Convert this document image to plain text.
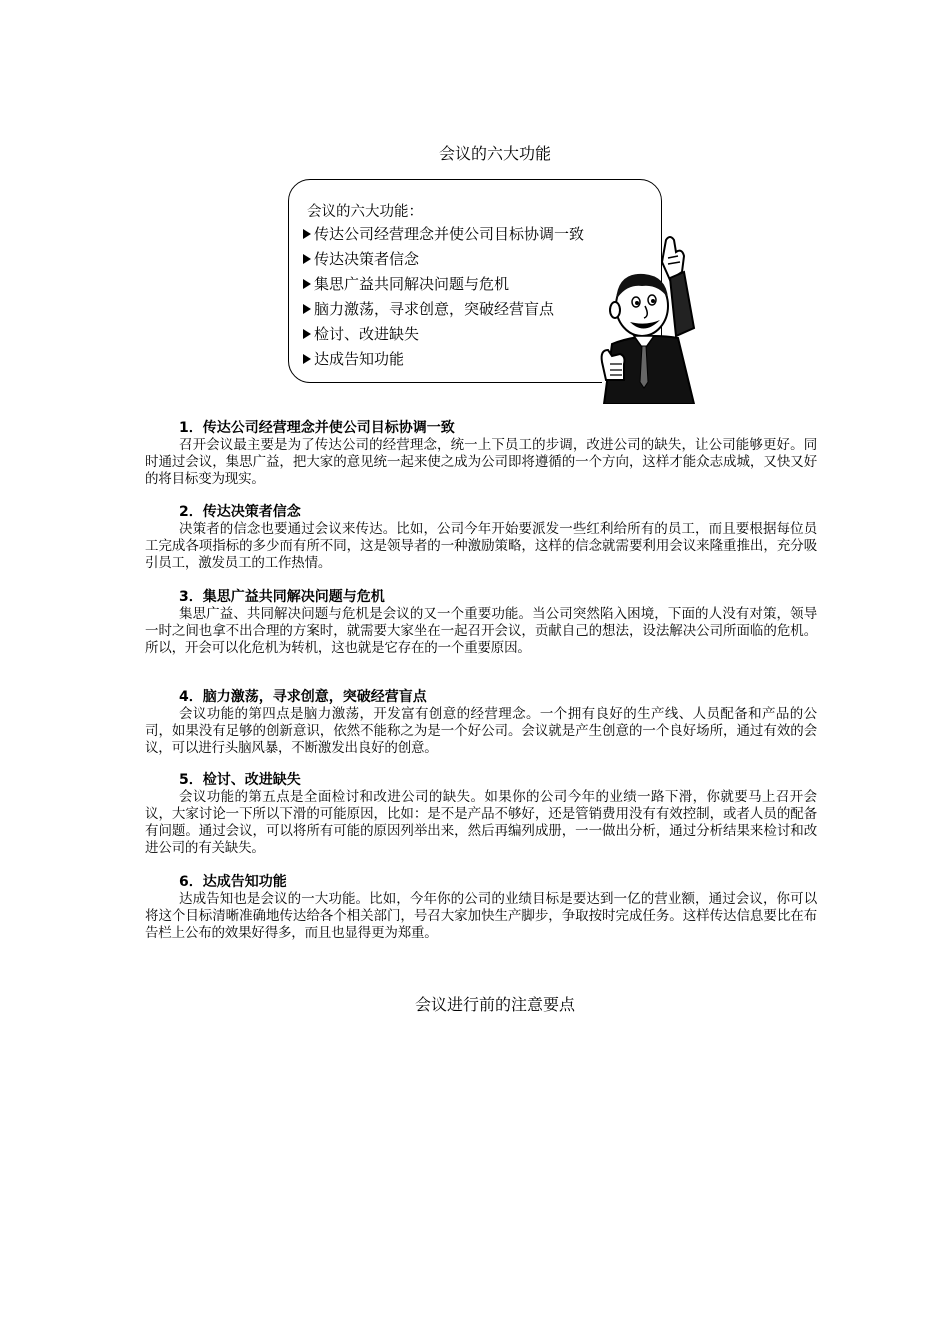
会议的六大功能
会议的六大功能：
传达公司经营理念并使公司目标协调一致
传达决策者信念
集思广益共同解决问题与危机
脑力激荡，寻求创意，突破经营盲点
检讨、改进缺失
达成告知功能
1．传达公司经营理念并使公司目标协调一致

召开会议最主要是为了传达公司的经营理念，统一上下员工的步调，改进公司的缺失，让公司能够更好。同时通过会议，集思广益，把大家的意见统一起来使之成为公司即将遵循的一个方向，这样才能众志成城，又快又好的将目标变为现实。

2．传达决策者信念

决策者的信念也要通过会议来传达。比如，公司今年开始要派发一些红利给所有的员工，而且要根据每位员工完成各项指标的多少而有所不同，这是领导者的一种激励策略，这样的信念就需要利用会议来隆重推出，充分吸引员工，激发员工的工作热情。

3．集思广益共同解决问题与危机

集思广益、共同解决问题与危机是会议的又一个重要功能。当公司突然陷入困境，下面的人没有对策，领导一时之间也拿不出合理的方案时，就需要大家坐在一起召开会议，贡献自己的想法，设法解决公司所面临的危机。所以，开会可以化危机为转机，这也就是它存在的一个重要原因。

4．脑力激荡，寻求创意，突破经营盲点

会议功能的第四点是脑力激荡，开发富有创意的经营理念。一个拥有良好的生产线、人员配备和产品的公司，如果没有足够的创新意识，依然不能称之为是一个好公司。会议就是产生创意的一个良好场所，通过有效的会议，可以进行头脑风暴，不断激发出良好的创意。

5．检讨、改进缺失

会议功能的第五点是全面检讨和改进公司的缺失。如果你的公司今年的业绩一路下滑，你就要马上召开会议，大家讨论一下所以下滑的可能原因，比如：是不是产品不够好，还是管销费用没有有效控制，或者人员的配备有问题。通过会议，可以将所有可能的原因列举出来，然后再编列成册，一一做出分析，通过分析结果来检讨和改进公司的有关缺失。

6．达成告知功能

达成告知也是会议的一大功能。比如，今年你的公司的业绩目标是要达到一亿的营业额，通过会议，你可以将这个目标清晰准确地传达给各个相关部门，号召大家加快生产脚步，争取按时完成任务。这样传达信息要比在布告栏上公布的效果好得多，而且也显得更为郑重。

会议进行前的注意要点
